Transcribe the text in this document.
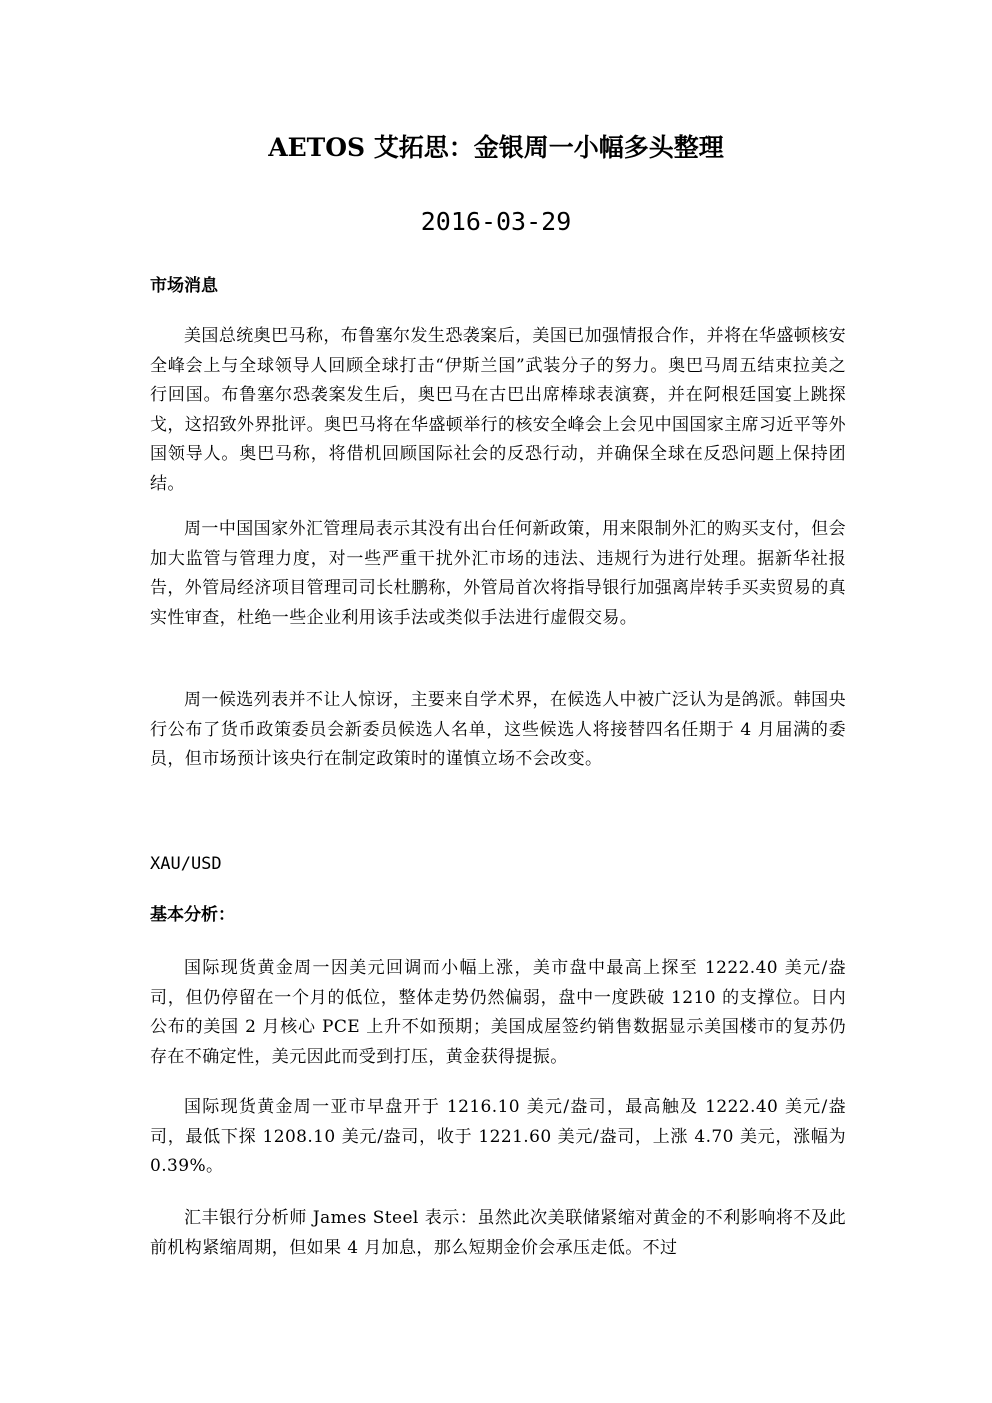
AETOS 艾拓思：金银周一小幅多头整理
2016-03-29
市场消息

美国总统奥巴马称，布鲁塞尔发生恐袭案后，美国已加强情报合作，并将在华盛顿核安全峰会上与全球领导人回顾全球打击“伊斯兰国”武装分子的努力。奥巴马周五结束拉美之行回国。布鲁塞尔恐袭案发生后，奥巴马在古巴出席棒球表演赛，并在阿根廷国宴上跳探戈，这招致外界批评。奥巴马将在华盛顿举行的核安全峰会上会见中国国家主席习近平等外国领导人。奥巴马称，将借机回顾国际社会的反恐行动，并确保全球在反恐问题上保持团结。

周一中国国家外汇管理局表示其没有出台任何新政策，用来限制外汇的购买支付，但会加大监管与管理力度，对一些严重干扰外汇市场的违法、违规行为进行处理。据新华社报告，外管局经济项目管理司司长杜鹏称，外管局首次将指导银行加强离岸转手买卖贸易的真实性审查，杜绝一些企业利用该手法或类似手法进行虚假交易。

周一候选列表并不让人惊讶，主要来自学术界，在候选人中被广泛认为是鸽派。韩国央行公布了货币政策委员会新委员候选人名单，这些候选人将接替四名任期于 4 月届满的委员，但市场预计该央行在制定政策时的谨慎立场不会改变。

XAU/USD
基本分析：

国际现货黄金周一因美元回调而小幅上涨，美市盘中最高上探至 1222.40 美元/盎司，但仍停留在一个月的低位，整体走势仍然偏弱，盘中一度跌破 1210 的支撑位。日内公布的美国 2 月核心 PCE 上升不如预期；美国成屋签约销售数据显示美国楼市的复苏仍存在不确定性，美元因此而受到打压，黄金获得提振。

国际现货黄金周一亚市早盘开于 1216.10 美元/盎司，最高触及 1222.40 美元/盎司，最低下探 1208.10 美元/盎司，收于 1221.60 美元/盎司，上涨 4.70 美元，涨幅为 0.39%。

汇丰银行分析师 James Steel 表示：虽然此次美联储紧缩对黄金的不利影响将不及此前机构紧缩周期，但如果 4 月加息，那么短期金价会承压走低。不过
